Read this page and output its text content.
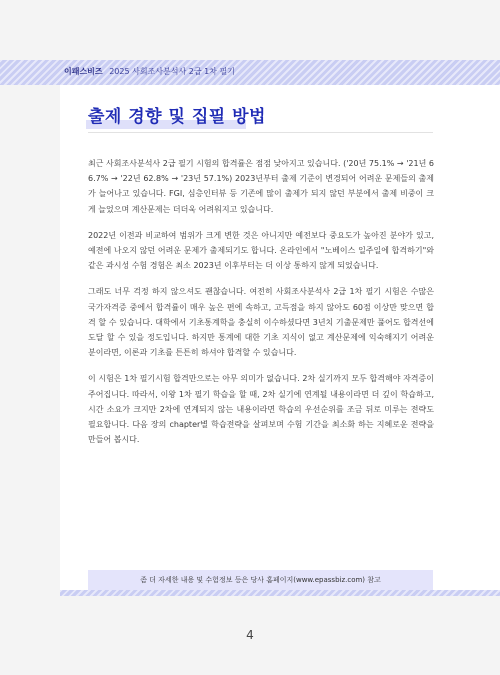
이패스비즈 2025 사회조사분석사 2급 1차 필기
출제 경향 및 집필 방법

최근 사회조사분석사 2급 필기 시험의 합격률은 점점 낮아지고 있습니다. ('20년 75.1% → '21년 66.7% → '22년 62.8% → '23년 57.1%) 2023년부터 출제 기준이 변경되어 어려운 문제들의 출제가 늘어나고 있습니다. FGI, 심층인터뷰 등 기존에 많이 출제가 되지 않던 부분에서 출제 비중이 크게 늘었으며 계산문제는 더더욱 어려워지고 있습니다.

2022년 이전과 비교하여 범위가 크게 변한 것은 아니지만 예전보다 중요도가 높아진 분야가 있고, 예전에 나오지 않던 어려운 문제가 출제되기도 합니다. 온라인에서 "노베이스 일주일에 합격하기"와 같은 과시성 수험 경험은 최소 2023년 이후부터는 더 이상 통하지 않게 되었습니다.

그래도 너무 걱정 하지 않으셔도 괜찮습니다. 여전히 사회조사분석사 2급 1차 필기 시험은 수많은 국가자격증 중에서 합격률이 매우 높은 편에 속하고, 고득점을 하지 않아도 60점 이상만 맞으면 합격 할 수 있습니다. 대학에서 기초통계학을 충실히 이수하셨다면 3년치 기출문제만 풀어도 합격선에 도달 할 수 있을 정도입니다. 하지만 통계에 대한 기초 지식이 없고 계산문제에 익숙해지기 어려운 분이라면, 이론과 기초를 튼튼히 하셔야 합격할 수 있습니다.

이 시험은 1차 필기시험 합격만으로는 아무 의미가 없습니다. 2차 실기까지 모두 합격해야 자격증이 주어집니다. 따라서, 이왕 1차 필기 학습을 할 때, 2차 실기에 연계될 내용이라면 더 깊이 학습하고, 시간 소요가 크지만 2차에 연계되지 않는 내용이라면 학습의 우선순위를 조금 뒤로 미루는 전략도 필요합니다. 다음 장의 chapter별 학습전략을 살펴보며 수험 기간을 최소화 하는 지혜로운 전략을 만들어 봅시다.

좀 더 자세한 내용 및 수험정보 등은 당사 홈페이지(www.epassbiz.com) 참고
4
